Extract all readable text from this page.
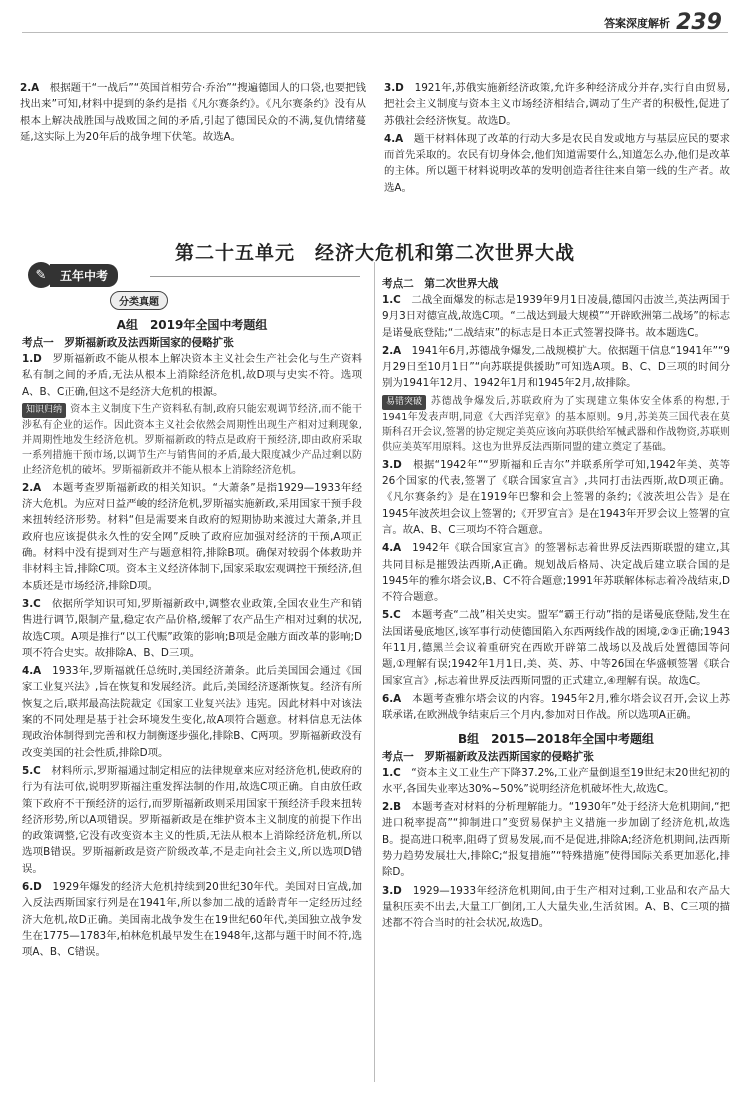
答案深度解析 239

2.A　根据题干“一战后”“英国首相劳合·乔治”“搜遍德国人的口袋,也要把钱找出来”可知,材料中提到的条约是指《凡尔赛条约》。《凡尔赛条约》没有从根本上解决战胜国与战败国之间的矛盾,引起了德国民众的不满,复仇情绪蔓延,这实际上为20年后的战争埋下伏笔。故选A。

3.D　1921年,苏俄实施新经济政策,允许多种经济成分并存,实行自由贸易,把社会主义制度与资本主义市场经济相结合,调动了生产者的积极性,促进了苏俄社会经济恢复。故选D。

4.A　题干材料体现了改革的行动大多是农民自发或地方与基层应民的要求而首先采取的。农民有切身体会,他们知道需要什么,知道怎么办,他们是改革的主体。所以题干材料说明改革的发明创造者往往来自第一线的生产者。故选A。

第二十五单元　经济大危机和第二次世界大战
✎	五年中考
分类真题
A组　2019年全国中考题组
考点一　罗斯福新政及法西斯国家的侵略扩张

1.D　罗斯福新政不能从根本上解决资本主义社会生产社会化与生产资料私有制之间的矛盾,无法从根本上消除经济危机,故D项与史实不符。选项A、B、C正确,但这不是经济大危机的根源。

知识归纳 资本主义制度下生产资料私有制,政府只能宏观调节经济,而不能干涉私有企业的运作。因此资本主义社会依然会周期性出现生产相对过剩现象,并周期性地发生经济危机。罗斯福新政的特点是政府干预经济,即由政府采取一系列措施干预市场,以调节生产与销售间的矛盾,最大限度减少产品过剩以防止经济危机的破坏。罗斯福新政并不能从根本上消除经济危机。

2.A　本题考查罗斯福新政的相关知识。“大萧条”是指1929—1933年经济大危机。为应对日益严峻的经济危机,罗斯福实施新政,采用国家干预手段来扭转经济形势。材料“但是需要来自政府的短期协助来渡过大萧条,并且政府也应该提供永久性的安全网”反映了政府应加强对经济的干预,A项正确。材料中没有提到对生产与题意相符,排除B项。确保对较弱个体救助并非材料主旨,排除C项。资本主义经济体制下,国家采取宏观调控干预经济,但本质还是市场经济,排除D项。

3.C　依据所学知识可知,罗斯福新政中,调整农业政策,全国农业生产和销售进行调节,限制产量,稳定农产品价格,缓解了农产品生产相对过剩的状况,故选C项。A项是推行“以工代赈”政策的影响;B项是金融方面改革的影响;D项不符合史实。故排除A、B、D三项。

4.A　1933年,罗斯福就任总统时,美国经济萧条。此后美国国会通过《国家工业复兴法》,旨在恢复和发展经济。此后,美国经济逐渐恢复。经济有所恢复之后,联邦最高法院裁定《国家工业复兴法》违宪。因此材料中对该法案的不同处理是基于社会环境发生变化,故A项符合题意。材料信息无法体现政治体制得到完善和权力制衡逐步强化,排除B、C两项。罗斯福新政没有改变美国的社会性质,排除D项。

5.C　材料所示,罗斯福通过制定相应的法律规章来应对经济危机,使政府的行为有法可依,说明罗斯福注重发挥法制的作用,故选C项正确。自由放任政策下政府不干预经济的运行,而罗斯福新政则采用国家干预经济手段来扭转经济形势,所以A项错误。罗斯福新政是在维护资本主义制度的前提下作出的政策调整,它没有改变资本主义的性质,无法从根本上消除经济危机,所以选项B错误。罗斯福新政是资产阶级改革,不是走向社会主义,所以选项D错误。

6.D　1929年爆发的经济大危机持续到20世纪30年代。美国对日宣战,加入反法西斯国家行列是在1941年,所以参加二战的适龄青年一定经历过经济大危机,故D正确。美国南北战争发生在19世纪60年代,美国独立战争发生在1775—1783年,柏林危机最早发生在1948年,这都与题干时间不符,选项A、B、C错误。

考点二　第二次世界大战

1.C　二战全面爆发的标志是1939年9月1日凌晨,德国闪击波兰,英法两国于9月3日对德宣战,故选C项。“二战达到最大规模”“开辟欧洲第二战场”的标志是诺曼底登陆;“二战结束”的标志是日本正式签署投降书。故本题选C。

2.A　1941年6月,苏德战争爆发,二战规模扩大。依据题干信息“1941年”“9月29日至10月1日”“向苏联提供援助”可知选A项。B、C、D三项的时间分别为1941年12月、1942年1月和1945年2月,故排除。

易错突破 苏德战争爆发后,苏联政府为了实现建立集体安全体系的构想,于1941年发表声明,同意《大西洋宪章》的基本原则。9月,苏美英三国代表在莫斯科召开会议,签署的协定规定美英应该向苏联供给军械武器和作战物资,苏联则供应美英军用原料。这也为世界反法西斯同盟的建立奠定了基础。

3.D　根据“1942年”“罗斯福和丘吉尔”并联系所学可知,1942年美、英等26个国家的代表,签署了《联合国家宣言》,共同打击法西斯,故D项正确。《凡尔赛条约》是在1919年巴黎和会上签署的条约;《波茨坦公告》是在1945年波茨坦会议上签署的;《开罗宣言》是在1943年开罗会议上签署的宣言。故A、B、C三项均不符合题意。

4.A　1942年《联合国家宣言》的签署标志着世界反法西斯联盟的建立,其共同目标是摧毁法西斯,A正确。规划战后格局、决定战后建立联合国的是1945年的雅尔塔会议,B、C不符合题意;1991年苏联解体标志着冷战结束,D不符合题意。

5.C　本题考查“二战”相关史实。盟军“霸王行动”指的是诺曼底登陆,发生在法国诺曼底地区,该军事行动使德国陷入东西两线作战的困境,②③正确;1943年11月,德黑兰会议着重研究在西欧开辟第二战场以及战后处置德国等问题,①理解有误;1942年1月1日,美、英、苏、中等26国在华盛顿签署《联合国家宣言》,标志着世界反法西斯同盟的正式建立,④理解有误。故选C。

6.A　本题考查雅尔塔会议的内容。1945年2月,雅尔塔会议召开,会议上苏联承诺,在欧洲战争结束后三个月内,参加对日作战。所以选项A正确。

B组　2015—2018年全国中考题组
考点一　罗斯福新政及法西斯国家的侵略扩张

1.C　“资本主义工业生产下降37.2%,工业产量倒退至19世纪末20世纪初的水平,各国失业率达30%~50%”说明经济危机破坏性大,故选C。

2.B　本题考查对材料的分析理解能力。“1930年”处于经济大危机期间,“把进口税率提高”“抑制进口”变贸易保护主义措施一步加剧了经济危机,故选B。提高进口税率,阻碍了贸易发展,而不是促进,排除A;经济危机期间,法西斯势力趋势发展壮大,排除C;“报复措施”“特殊措施”使得国际关系更加恶化,排除D。

3.D　1929—1933年经济危机期间,由于生产相对过剩,工业品和农产品大量积压卖不出去,大量工厂倒闭,工人大量失业,生活贫困。A、B、C三项的描述都不符合当时的社会状况,故选D。
